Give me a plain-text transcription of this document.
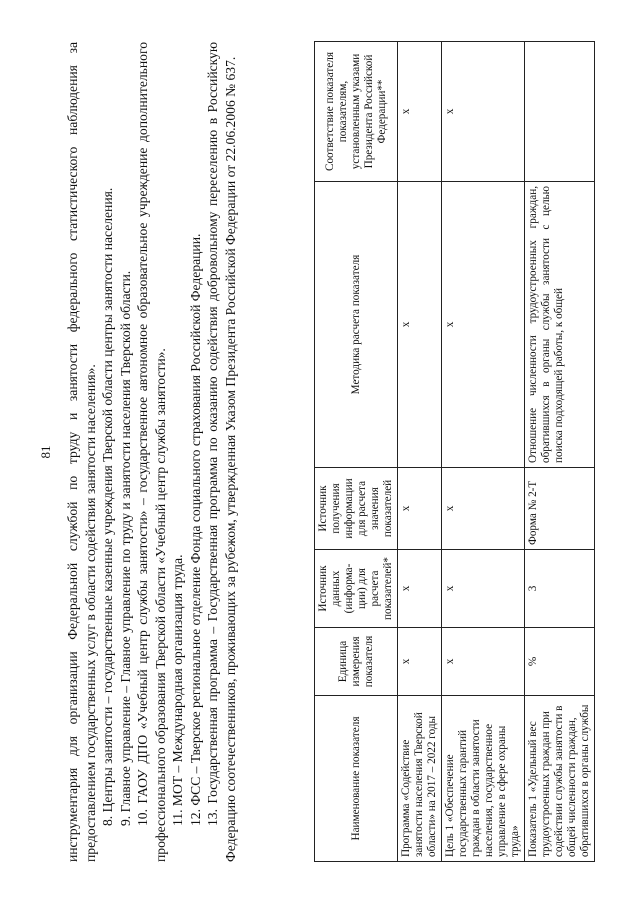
81 инструментария для организации Федеральной службой по труду и занятости федерального статистического наблюдения за предоставлением государственных услуг в области содействия занятости населения». 8. Центры занятости – государственные казенные учреждения Тверской области центры занятости населения. 9. Главное управление – Главное управление по труду и занятости населения Тверской области. 10. ГАОУ ДПО «Учебный центр службы занятости» – государственное автономное образовательное учреждение дополнительного профессионального образования Тверской области «Учебный центр службы занятости». 11. МОТ – Международная организация труда. 12. ФСС – Тверское региональное отделение Фонда социального страхования Российской Федерации. 13. Государственная программа – Государственная программа по оказанию содействия добровольному переселению в Российскую Федерацию соотечественников, проживающих за рубежом, утвержденная Указом Президента Российской Федерации от 22.06.2006 № 637.	Наименование показателя	Единица измерения показателя	Источник данных (информа-ции) для расчета показателей*	Источник получения информации для расчета значения показателей	Методика расчета показателя	Соответствие показателя показателям, установленным указами Президента Российской Федерации**
Программа «Содействие занятости населения Тверской области» на 2017 – 2022 годы	х	х	х	х	х
Цель 1 «Обеспечение государственных гарантий граждан в области занятости населения, государственное управление в сфере охраны труда»	х	х	х	х	х
Показатель 1 «Удельный вес трудоустроенных граждан при содействии службы занятости в общей численности граждан, обратившихся в органы службы	%	3	Форма № 2-Т	Отношение численности трудоустроенных граждан, обратившихся в органы службы занятости с целью поиска подходящей работы, к общей	
